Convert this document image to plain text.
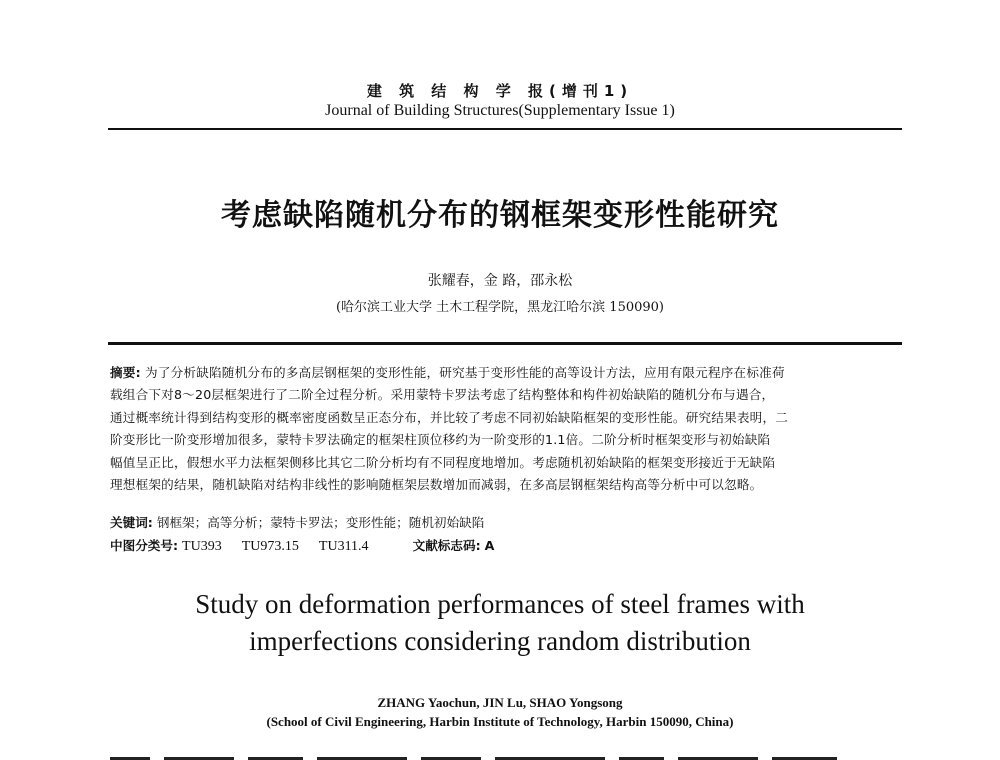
建 筑 结 构 学 报(增刊1)
Journal of Building Structures(Supplementary Issue 1)
考虑缺陷随机分布的钢框架变形性能研究
张耀春，金 路，邵永松
(哈尔滨工业大学 土木工程学院，黑龙江哈尔滨 150090)
摘要: 为了分析缺陷随机分布的多高层钢框架的变形性能，研究基于变形性能的高等设计方法，应用有限元程序在标准荷
载组合下对8～20层框架进行了二阶全过程分析。采用蒙特卡罗法考虑了结构整体和构件初始缺陷的随机分布与遇合，
通过概率统计得到结构变形的概率密度函数呈正态分布，并比较了考虑不同初始缺陷框架的变形性能。研究结果表明，二
阶变形比一阶变形增加很多，蒙特卡罗法确定的框架柱顶位移约为一阶变形的1.1倍。二阶分析时框架变形与初始缺陷
幅值呈正比，假想水平力法框架侧移比其它二阶分析均有不同程度地增加。考虑随机初始缺陷的框架变形接近于无缺陷
理想框架的结果，随机缺陷对结构非线性的影响随框架层数增加而减弱，在多高层钢框架结构高等分析中可以忽略。
关键词: 钢框架；高等分析；蒙特卡罗法；变形性能；随机初始缺陷
中图分类号: TU393 TU973.15 TU311.4	文献标志码: A
Study on deformation performances of steel frames with
imperfections considering random distribution
ZHANG Yaochun, JIN Lu, SHAO Yongsong
(School of Civil Engineering, Harbin Institute of Technology, Harbin 150090, China)
